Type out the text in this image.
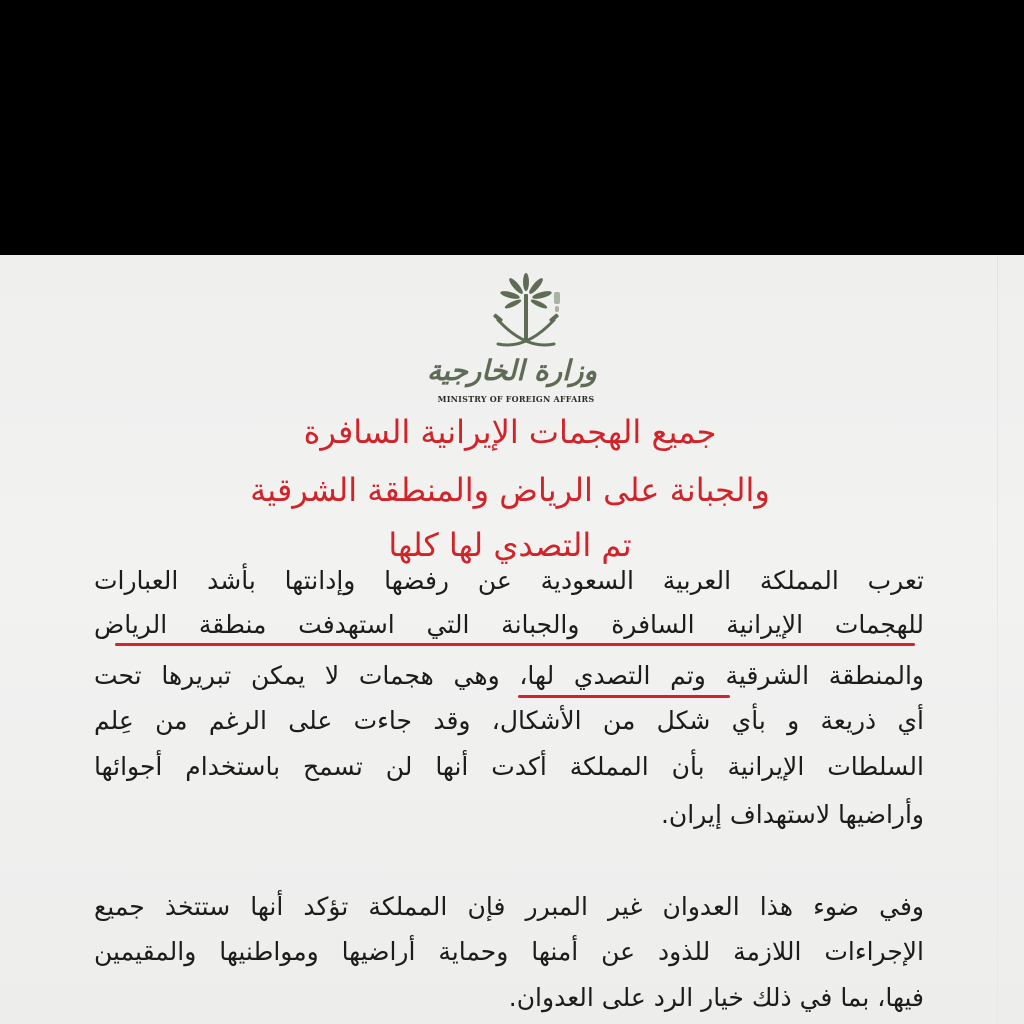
وزارة الخارجية
MINISTRY OF FOREIGN AFFAIRS
جميع الهجمات الإيرانية السافرة
والجبانة على الرياض والمنطقة الشرقية
تم التصدي لها كلها
تعرب المملكة العربية السعودية عن رفضها وإدانتها بأشد العبارات
للهجمات الإيرانية السافرة والجبانة التي استهدفت منطقة الرياض
والمنطقة الشرقية وتم التصدي لها، وهي هجمات لا يمكن تبريرها تحت
أي ذريعة و بأي شكل من الأشكال، وقد جاءت على الرغم من عِلم
السلطات الإيرانية بأن المملكة أكدت أنها لن تسمح باستخدام أجوائها
وأراضيها لاستهداف إيران.
وفي ضوء هذا العدوان غير المبرر فإن المملكة تؤكد أنها ستتخذ جميع
الإجراءات اللازمة للذود عن أمنها وحماية أراضيها ومواطنيها والمقيمين
فيها، بما في ذلك خيار الرد على العدوان.
